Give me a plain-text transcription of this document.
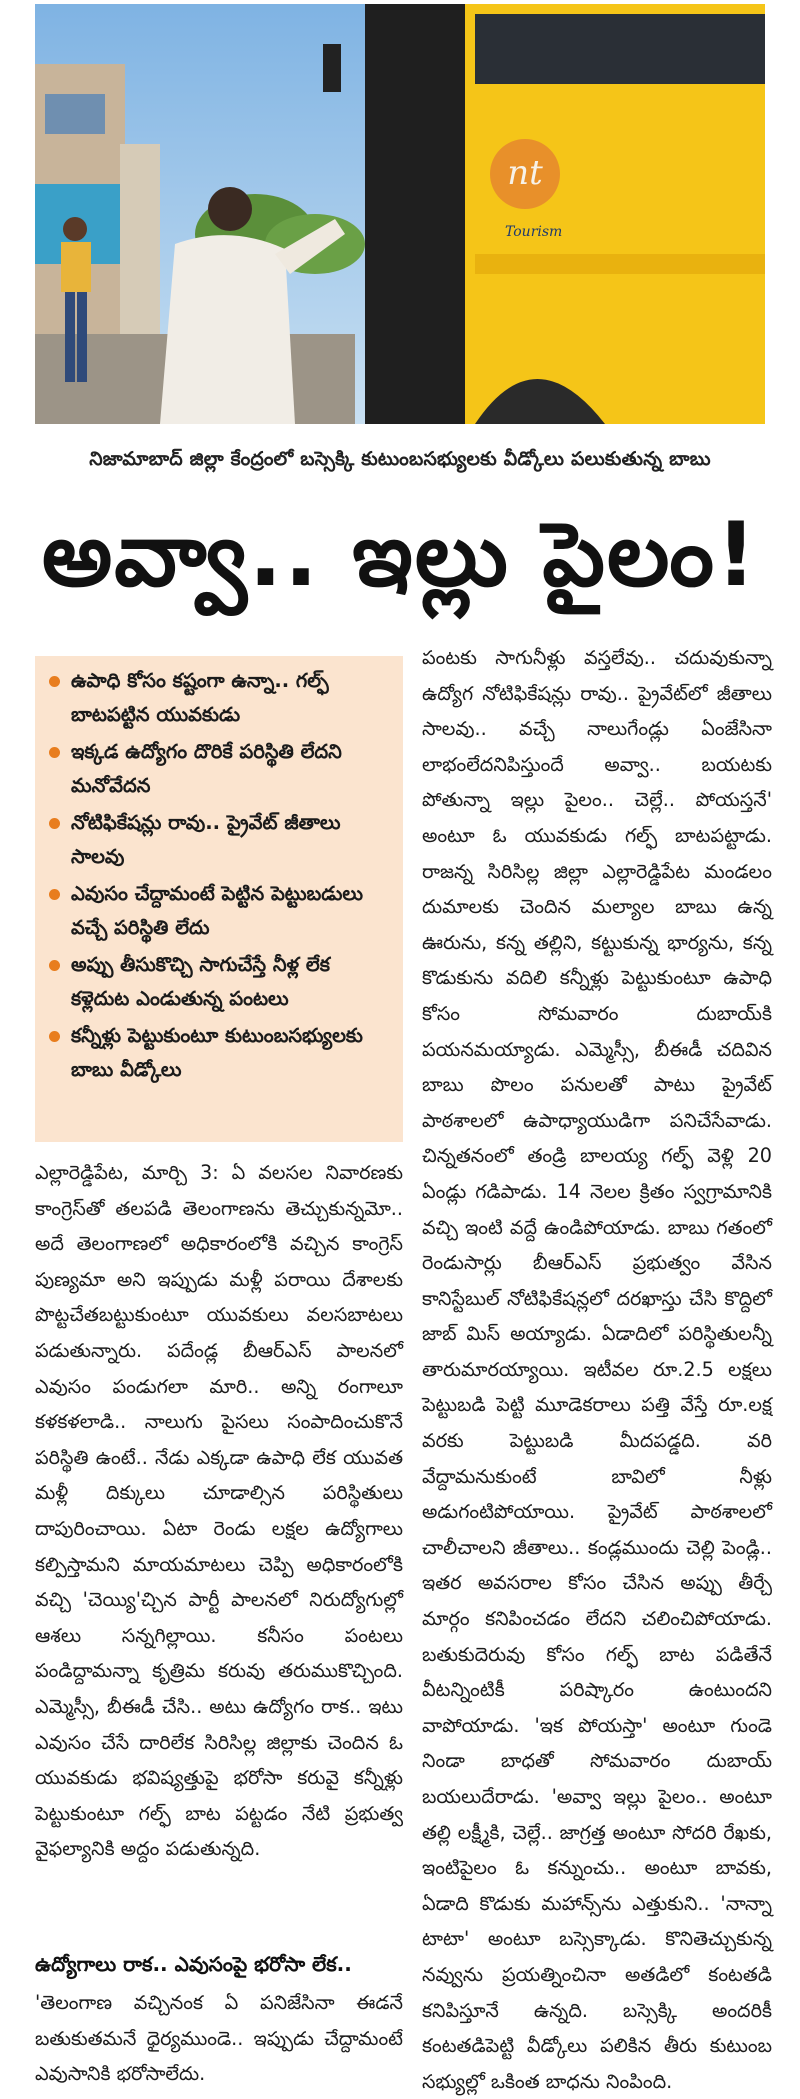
nt
Tourism
నిజామాబాద్ జిల్లా కేంద్రంలో బస్సెక్కి కుటుంబసభ్యులకు వీడ్కోలు పలుకుతున్న బాబు
అవ్వా.. ఇల్లు పైలం!
ఉపాధి కోసం కష్టంగా ఉన్నా.. గల్ఫ్ బాటపట్టిన యువకుడు
ఇక్కడ ఉద్యోగం దొరికే పరిస్థితి లేదని మనోవేదన
నోటిఫికేషన్లు రావు.. ప్రైవేట్ జీతాలు సాలవు
ఎవుసం చేద్దామంటే పెట్టిన పెట్టుబడులు వచ్చే పరిస్థితి లేదు
అప్పు తీసుకొచ్చి సాగుచేస్తే నీళ్ల లేక కళ్లెదుట ఎండుతున్న పంటలు
కన్నీళ్లు పెట్టుకుంటూ కుటుంబసభ్యులకు బాబు వీడ్కోలు
ఎల్లారెడ్డిపేట, మార్చి 3: ఏ వలసల నివారణకు కాంగ్రెస్‌తో తలపడి తెలంగాణను తెచ్చుకున్నమో.. అదే తెలంగాణలో అధికారంలోకి వచ్చిన కాంగ్రెస్ పుణ్యమా అని ఇప్పుడు మళ్లీ పరాయి దేశాలకు పొట్టచేతబట్టుకుంటూ యువకులు వలసబాటలు పడుతున్నారు. పదేండ్ల బీఆర్ఎస్ పాలనలో ఎవుసం పండుగలా మారి.. అన్ని రంగాలూ కళకళలాడి.. నాలుగు పైసలు సంపాదించుకొనే పరిస్థితి ఉంటే.. నేడు ఎక్కడా ఉపాధి లేక యువత మళ్లీ దిక్కులు చూడాల్సిన పరిస్థితులు దాపురించాయి. ఏటా రెండు లక్షల ఉద్యోగాలు కల్పిస్తామని మాయమాటలు చెప్పి అధికారంలోకి వచ్చి 'చెయ్యి'చ్చిన పార్టీ పాలనలో నిరుద్యోగుల్లో ఆశలు సన్నగిల్లాయి. కనీసం పంటలు పండిద్దామన్నా కృత్రిమ కరువు తరుముకొచ్చింది. ఎమ్మెస్సీ, బీఈడీ చేసి.. అటు ఉద్యోగం రాక.. ఇటు ఎవుసం చేసే దారిలేక సిరిసిల్ల జిల్లాకు చెందిన ఓ యువకుడు భవిష్యత్తుపై భరోసా కరువై కన్నీళ్లు పెట్టుకుంటూ గల్ఫ్ బాట పట్టడం నేటి ప్రభుత్వ వైఫల్యానికి అద్దం పడుతున్నది.
ఉద్యోగాలు రాక.. ఎవుసంపై భరోసా లేక..
'తెలంగాణ వచ్చినంక ఏ పనిజేసినా ఈడనే బతుకుతమనే ధైర్యముండె.. ఇప్పుడు చేద్దామంటే ఎవుసానికి భరోసాలేదు.
పంటకు సాగునీళ్లు వస్తలేవు.. చదువుకున్నా ఉద్యోగ నోటిఫికేషన్లు రావు.. ప్రైవేట్‌లో జీతాలు సాలవు.. వచ్చే నాలుగేండ్లు ఏంజేసినా లాభంలేదనిపిస్తుందే అవ్వా.. బయటకు పోతున్నా ఇల్లు పైలం.. చెల్లే.. పోయస్తనే' అంటూ ఓ యువకుడు గల్ఫ్ బాటపట్టాడు. రాజన్న సిరిసిల్ల జిల్లా ఎల్లారెడ్డిపేట మండలం దుమాలకు చెందిన మల్యాల బాబు ఉన్న ఊరును, కన్న తల్లిని, కట్టుకున్న భార్యను, కన్న కొడుకును వదిలి కన్నీళ్లు పెట్టుకుంటూ ఉపాధి కోసం సోమవారం దుబాయ్‌కి పయనమయ్యాడు. ఎమ్మెస్సీ, బీఈడీ చదివిన బాబు పొలం పనులతో పాటు ప్రైవేట్ పాఠశాలలో ఉపాధ్యాయుడిగా పనిచేసేవాడు. చిన్నతనంలో తండ్రి బాలయ్య గల్ఫ్ వెళ్లి 20 ఏండ్లు గడిపాడు. 14 నెలల క్రితం స్వగ్రామానికి వచ్చి ఇంటి వద్దే ఉండిపోయాడు. బాబు గతంలో రెండుసార్లు బీఆర్ఎస్ ప్రభుత్వం వేసిన కానిస్టేబుల్ నోటిఫికేషన్లలో దరఖాస్తు చేసి కొద్దిలో జాబ్ మిస్ అయ్యాడు. ఏడాదిలో పరిస్థితులన్నీ తారుమారయ్యాయి. ఇటీవల రూ.2.5 లక్షలు పెట్టుబడి పెట్టి మూడెకరాలు పత్తి వేస్తే రూ.లక్ష వరకు పెట్టుబడి మీదపడ్డది. వరి వేద్దామనుకుంటే బావిలో నీళ్లు అడుగంటిపోయాయి. ప్రైవేట్ పాఠశాలలో చాలీచాలని జీతాలు.. కండ్లముందు చెల్లి పెండ్లి.. ఇతర అవసరాల కోసం చేసిన అప్పు తీర్చే మార్గం కనిపించడం లేదని చలించిపోయాడు. బతుకుదెరువు కోసం గల్ఫ్ బాట పడితేనే వీటన్నింటికీ పరిష్కారం ఉంటుందని వాపోయాడు. 'ఇక పోయస్తా' అంటూ గుండె నిండా బాధతో సోమవారం దుబాయ్ బయలుదేరాడు. 'అవ్వా ఇల్లు పైలం.. అంటూ తల్లి లక్ష్మీకి, చెల్లే.. జాగ్రత్త అంటూ సోదరి రేఖకు, ఇంటిపైలం ఓ కన్నుంచు.. అంటూ బావకు, ఏడాది కొడుకు మహాన్స్‌ను ఎత్తుకుని.. 'నాన్నా టాటా' అంటూ బస్సెక్కాడు. కొనితెచ్చుకున్న నవ్వును ప్రయత్నించినా అతడిలో కంటతడి కనిపిస్తూనే ఉన్నది. బస్సెక్కి అందరికీ కంటతడిపెట్టి వీడ్కోలు పలికిన తీరు కుటుంబ సభ్యుల్లో ఒకింత బాధను నింపింది.
